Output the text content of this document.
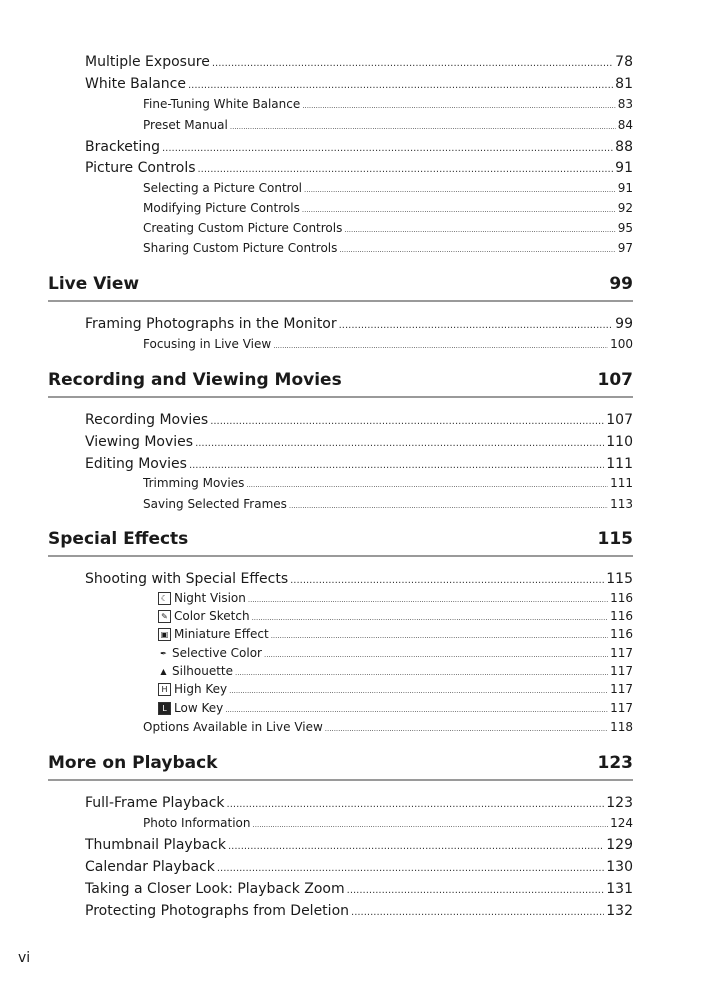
Multiple Exposure .....	78
White Balance .....	81
Fine-Tuning White Balance .....	83
Preset Manual .....	84
Bracketing .....	88
Picture Controls .....	91
Selecting a Picture Control .....	91
Modifying Picture Controls .....	92
Creating Custom Picture Controls .....	95
Sharing Custom Picture Controls .....	97
Live View	99
Framing Photographs in the Monitor .....	99
Focusing in Live View .....	100
Recording and Viewing Movies	107
Recording Movies .....	107
Viewing Movies .....	110
Editing Movies .....	111
Trimming Movies .....	111
Saving Selected Frames .....	113
Special Effects	115
Shooting with Special Effects .....	115
☾ Night Vision .....	116
✎ Color Sketch .....	116
▣ Miniature Effect .....	116
✒ Selective Color .....	117
▲ Silhouette .....	117
H High Key .....	117
L Low Key .....	117
Options Available in Live View .....	118
More on Playback	123
Full-Frame Playback .....	123
Photo Information .....	124
Thumbnail Playback .....	129
Calendar Playback .....	130
Taking a Closer Look: Playback Zoom .....	131
Protecting Photographs from Deletion .....	132
vi
